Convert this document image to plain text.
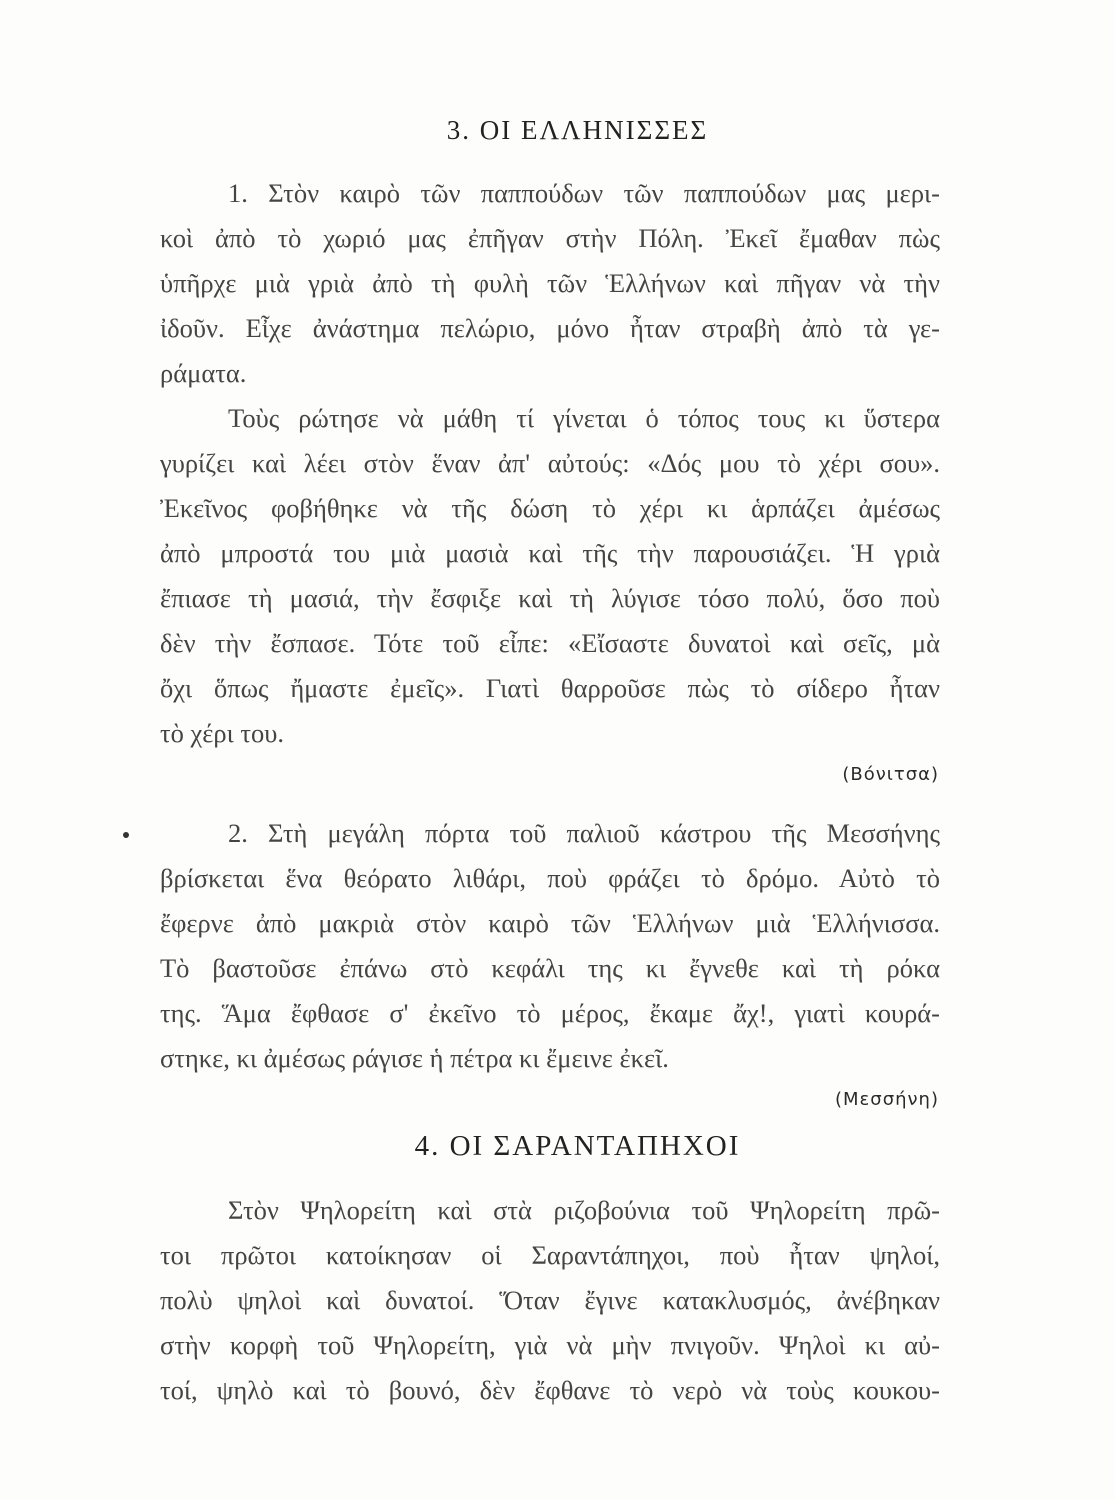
3. ΟΙ ΕΛΛΗΝΙΣΣΕΣ
1. Στὸν καιρὸ τῶν παππούδων τῶν παππούδων μας μερι-
κοὶ ἀπὸ τὸ χωριό μας ἐπῆγαν στὴν Πόλη. Ἐκεῖ ἔμαθαν πὼς
ὑπῆρχε μιὰ γριὰ ἀπὸ τὴ φυλὴ τῶν Ἑλλήνων καὶ πῆγαν νὰ τὴν
ἰδοῦν. Εἶχε ἀνάστημα πελώριο, μόνο ἦταν στραβὴ ἀπὸ τὰ γε-
ράματα.
Τοὺς ρώτησε νὰ μάθη τί γίνεται ὁ τόπος τους κι ὕστερα
γυρίζει καὶ λέει στὸν ἕναν ἀπ' αὐτούς: «Δός μου τὸ χέρι σου».
Ἐκεῖνος φοβήθηκε νὰ τῆς δώση τὸ χέρι κι ἁρπάζει ἀμέσως
ἀπὸ μπροστά του μιὰ μασιὰ καὶ τῆς τὴν παρουσιάζει. Ἡ γριὰ
ἔπιασε τὴ μασιά, τὴν ἔσφιξε καὶ τὴ λύγισε τόσο πολύ, ὅσο ποὺ
δὲν τὴν ἔσπασε. Τότε τοῦ εἶπε: «Εἴσαστε δυνατοὶ καὶ σεῖς, μὰ
ὄχι ὅπως ἤμαστε ἐμεῖς». Γιατὶ θαρροῦσε πὼς τὸ σίδερο ἦταν
τὸ χέρι του.
(Βόνιτσα)
2. Στὴ μεγάλη πόρτα τοῦ παλιοῦ κάστρου τῆς Μεσσήνης
βρίσκεται ἕνα θεόρατο λιθάρι, ποὺ φράζει τὸ δρόμο. Αὐτὸ τὸ
ἔφερνε ἀπὸ μακριὰ στὸν καιρὸ τῶν Ἑλλήνων μιὰ Ἑλλήνισσα.
Τὸ βαστοῦσε ἐπάνω στὸ κεφάλι της κι ἔγνεθε καὶ τὴ ρόκα
της. Ἅμα ἔφθασε σ' ἐκεῖνο τὸ μέρος, ἔκαμε ἄχ!, γιατὶ κουρά-
στηκε, κι ἀμέσως ράγισε ἡ πέτρα κι ἔμεινε ἐκεῖ.
(Μεσσήνη)
4. ΟΙ ΣΑΡΑΝΤΑΠΗΧΟΙ
Στὸν Ψηλορείτη καὶ στὰ ριζοβούνια τοῦ Ψηλορείτη πρῶ-
τοι πρῶτοι κατοίκησαν οἱ Σαραντάπηχοι, ποὺ ἦταν ψηλοί,
πολὺ ψηλοὶ καὶ δυνατοί. Ὅταν ἔγινε κατακλυσμός, ἀνέβηκαν
στὴν κορφὴ τοῦ Ψηλορείτη, γιὰ νὰ μὴν πνιγοῦν. Ψηλοὶ κι αὐ-
τοί, ψηλὸ καὶ τὸ βουνό, δὲν ἔφθανε τὸ νερὸ νὰ τοὺς κουκου-
